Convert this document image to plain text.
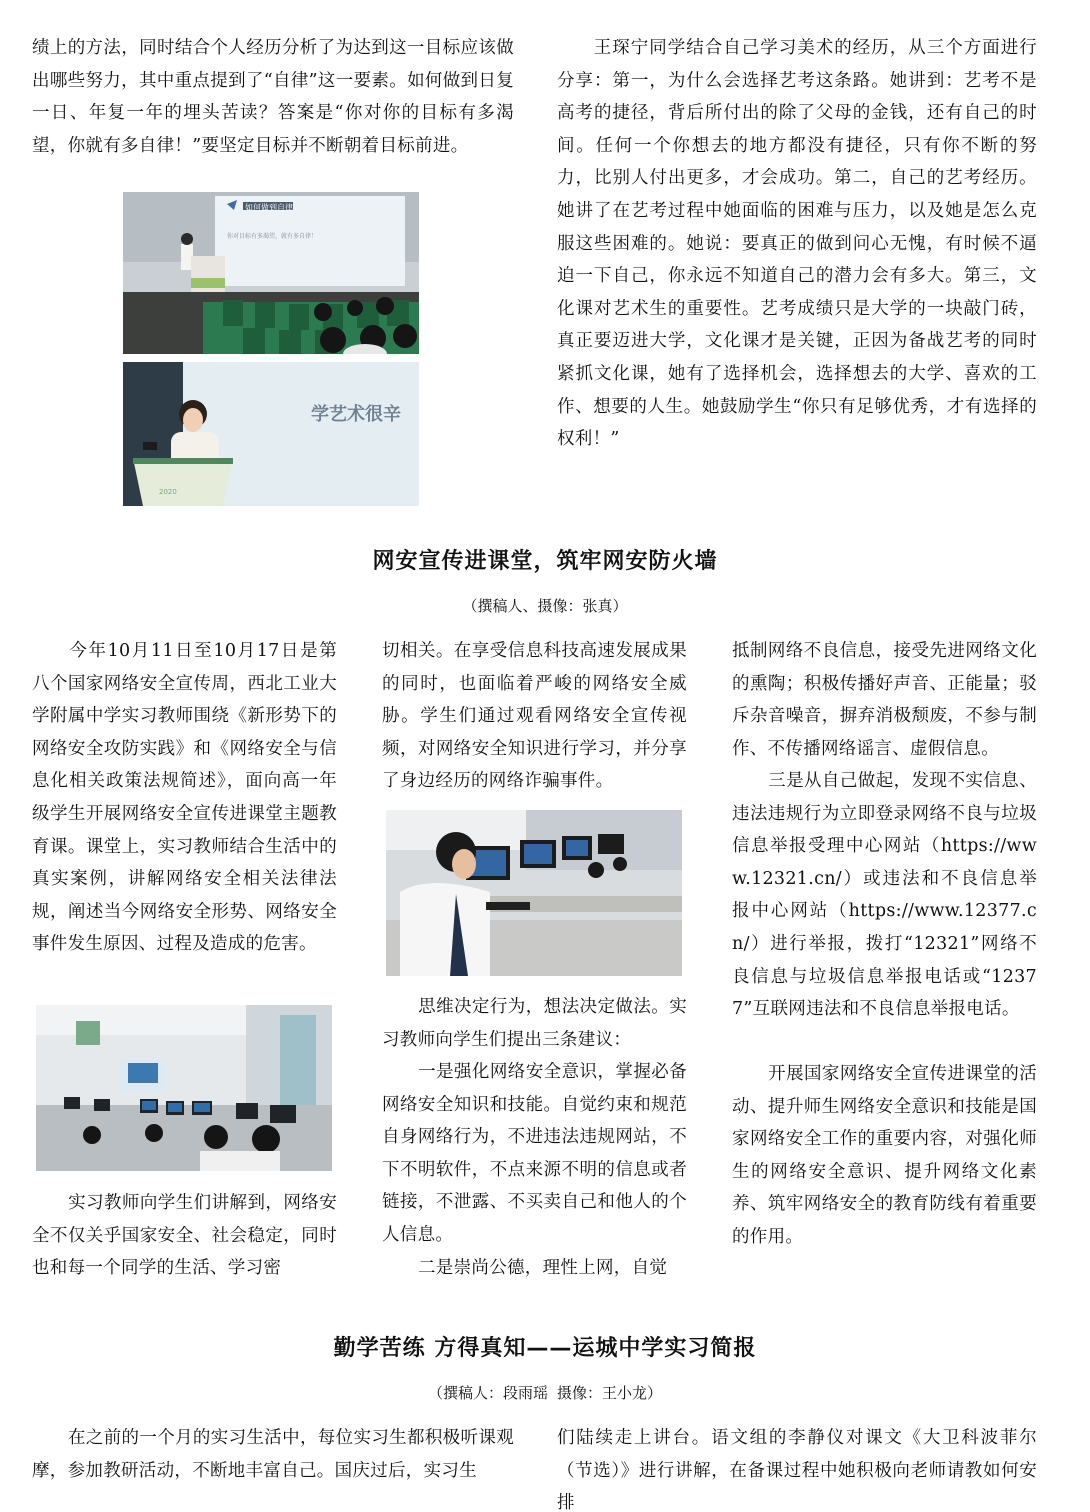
绩上的方法，同时结合个人经历分析了为达到这一目标应该做出哪些努力，其中重点提到了“自律”这一要素。如何做到日复一日、年复一年的埋头苦读？答案是“你对你的目标有多渴望，你就有多自律！”要坚定目标并不断朝着目标前进。
王琛宁同学结合自己学习美术的经历，从三个方面进行分享：第一，为什么会选择艺考这条路。她讲到：艺考不是高考的捷径，背后所付出的除了父母的金钱，还有自己的时间。任何一个你想去的地方都没有捷径，只有你不断的努力，比别人付出更多，才会成功。第二，自己的艺考经历。她讲了在艺考过程中她面临的困难与压力，以及她是怎么克服这些困难的。她说：要真正的做到问心无愧，有时候不逼迫一下自己，你永远不知道自己的潜力会有多大。第三，文化课对艺术生的重要性。艺考成绩只是大学的一块敲门砖，真正要迈进大学，文化课才是关键，正因为备战艺考的同时紧抓文化课，她有了选择机会，选择想去的大学、喜欢的工作、想要的人生。她鼓励学生“你只有足够优秀，才有选择的权利！”
如何做到自律
你对目标有多渴望，就有多自律！
学艺术很辛
2020
网安宣传进课堂，筑牢网安防火墙
（撰稿人、摄像：张真）
今年10月11日至10月17日是第八个国家网络安全宣传周，西北工业大学附属中学实习教师围绕《新形势下的网络安全攻防实践》和《网络安全与信息化相关政策法规简述》，面向高一年级学生开展网络安全宣传进课堂主题教育课。课堂上，实习教师结合生活中的真实案例，讲解网络安全相关法律法规，阐述当今网络安全形势、网络安全事件发生原因、过程及造成的危害。
实习教师向学生们讲解到，网络安全不仅关乎国家安全、社会稳定，同时也和每一个同学的生活、学习密
切相关。在享受信息科技高速发展成果的同时，也面临着严峻的网络安全威胁。学生们通过观看网络安全宣传视频，对网络安全知识进行学习，并分享了身边经历的网络诈骗事件。
思维决定行为，想法决定做法。实习教师向学生们提出三条建议：
一是强化网络安全意识，掌握必备网络安全知识和技能。自觉约束和规范自身网络行为，不进违法违规网站，不下不明软件，不点来源不明的信息或者链接，不泄露、不买卖自己和他人的个人信息。
二是崇尚公德，理性上网，自觉
抵制网络不良信息，接受先进网络文化的熏陶；积极传播好声音、正能量；驳斥杂音噪音，摒弃消极颓废，不参与制作、不传播网络谣言、虚假信息。
三是从自己做起，发现不实信息、违法违规行为立即登录网络不良与垃圾信息举报受理中心网站（https://www.12321.cn/）或违法和不良信息举报中心网站（https://www.12377.cn/）进行举报，拨打“12321”网络不良信息与垃圾信息举报电话或“12377”互联网违法和不良信息举报电话。
开展国家网络安全宣传进课堂的活动、提升师生网络安全意识和技能是国家网络安全工作的重要内容，对强化师生的网络安全意识、提升网络文化素养、筑牢网络安全的教育防线有着重要的作用。
勤学苦练 方得真知——运城中学实习简报
（撰稿人：段雨瑶 摄像：王小龙）
在之前的一个月的实习生活中，每位实习生都积极听课观摩，参加教研活动，不断地丰富自己。国庆过后，实习生
们陆续走上讲台。语文组的李静仪对课文《大卫科波菲尔（节选）》进行讲解，在备课过程中她积极向老师请教如何安排
